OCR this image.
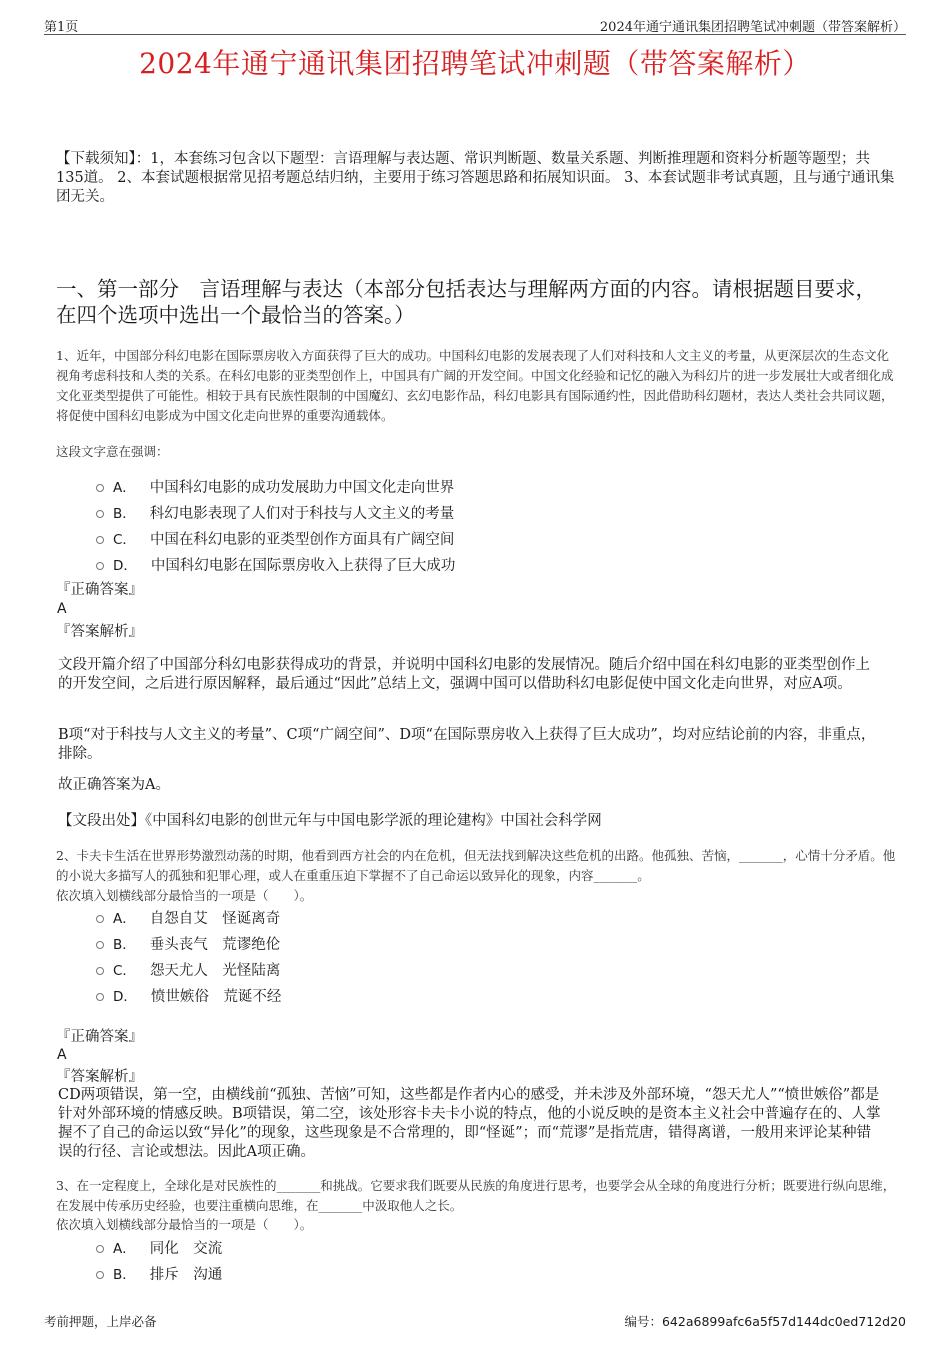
第1页	2024年通宁通讯集团招聘笔试冲刺题（带答案解析）
2024年通宁通讯集团招聘笔试冲刺题（带答案解析）
【下载须知】：1，本套练习包含以下题型：言语理解与表达题、常识判断题、数量关系题、判断推理题和资料分析题等题型；共135道。 2、本套试题根据常见招考题总结归纳，主要用于练习答题思路和拓展知识面。 3、本套试题非考试真题，且与通宁通讯集团无关。
一、第一部分　言语理解与表达（本部分包括表达与理解两方面的内容。请根据题目要求，在四个选项中选出一个最恰当的答案。）
1、近年，中国部分科幻电影在国际票房收入方面获得了巨大的成功。中国科幻电影的发展表现了人们对科技和人文主义的考量，从更深层次的生态文化视角考虑科技和人类的关系。在科幻电影的亚类型创作上，中国具有广阔的开发空间。中国文化经验和记忆的融入为科幻片的进一步发展壮大或者细化成文化亚类型提供了可能性。相较于具有民族性限制的中国魔幻、玄幻电影作品，科幻电影具有国际通约性，因此借助科幻题材，表达人类社会共同议题，将促使中国科幻电影成为中国文化走向世界的重要沟通载体。
这段文字意在强调：
A． 中国科幻电影的成功发展助力中国文化走向世界
B． 科幻电影表现了人们对于科技与人文主义的考量
C． 中国在科幻电影的亚类型创作方面具有广阔空间
D． 中国科幻电影在国际票房收入上获得了巨大成功
『正确答案』
A
『答案解析』
文段开篇介绍了中国部分科幻电影获得成功的背景，并说明中国科幻电影的发展情况。随后介绍中国在科幻电影的亚类型创作上的开发空间，之后进行原因解释，最后通过“因此”总结上文，强调中国可以借助科幻电影促使中国文化走向世界，对应A项。
B项“对于科技与人文主义的考量”、C项“广阔空间”、D项“在国际票房收入上获得了巨大成功”，均对应结论前的内容，非重点，排除。
故正确答案为A。
【文段出处】《中国科幻电影的创世元年与中国电影学派的理论建构》中国社会科学网
2、卡夫卡生活在世界形势激烈动荡的时期，他看到西方社会的内在危机，但无法找到解决这些危机的出路。他孤独、苦恼，_______，心情十分矛盾。他的小说大多描写人的孤独和犯罪心理，或人在重重压迫下掌握不了自己命运以致异化的现象，内容_______。
依次填入划横线部分最恰当的一项是（　　）。
A． 自怨自艾　怪诞离奇
B． 垂头丧气　荒谬绝伦
C． 怨天尤人　光怪陆离
D． 愤世嫉俗　荒诞不经
『正确答案』
A
『答案解析』
CD两项错误，第一空，由横线前“孤独、苦恼”可知，这些都是作者内心的感受，并未涉及外部环境，“怨天尤人”“愤世嫉俗”都是针对外部环境的情感反映。B项错误，第二空，该处形容卡夫卡小说的特点，他的小说反映的是资本主义社会中普遍存在的、人掌握不了自己的命运以致“异化”的现象，这些现象是不合常理的，即“怪诞”；而“荒谬”是指荒唐，错得离谱，一般用来评论某种错误的行径、言论或想法。因此A项正确。
3、在一定程度上，全球化是对民族性的_______和挑战。它要求我们既要从民族的角度进行思考，也要学会从全球的角度进行分析；既要进行纵向思维，在发展中传承历史经验，也要注重横向思维，在_______中汲取他人之长。
依次填入划横线部分最恰当的一项是（　　）。
A． 同化　交流
B． 排斥　沟通
考前押题，上岸必备	编号：642a6899afc6a5f57d144dc0ed712d20
